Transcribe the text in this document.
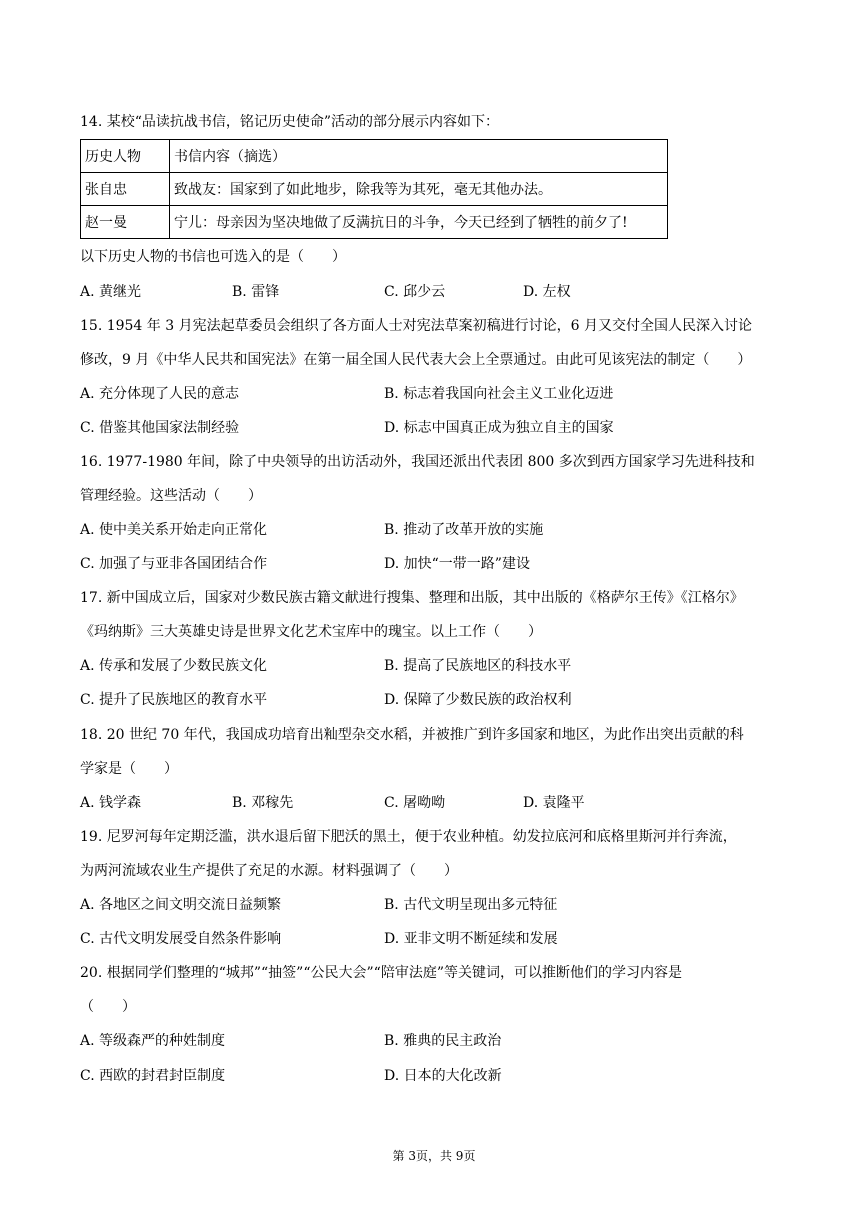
14. 某校“品读抗战书信，铭记历史使命”活动的部分展示内容如下：
历史人物	书信内容（摘选）
张自忠	致战友：国家到了如此地步，除我等为其死，毫无其他办法。
赵一曼	宁儿：母亲因为坚决地做了反满抗日的斗争，今天已经到了牺牲的前夕了!
以下历史人物的书信也可选入的是（　　）
A. 黄继光	B. 雷锋	C. 邱少云	D. 左权
15. 1954 年 3 月宪法起草委员会组织了各方面人士对宪法草案初稿进行讨论，6 月又交付全国人民深入讨论
修改，9 月《中华人民共和国宪法》在第一届全国人民代表大会上全票通过。由此可见该宪法的制定（　　）
A. 充分体现了人民的意志	B. 标志着我国向社会主义工业化迈进
C. 借鉴其他国家法制经验	D. 标志中国真正成为独立自主的国家
16. 1977-1980 年间，除了中央领导的出访活动外，我国还派出代表团 800 多次到西方国家学习先进科技和
管理经验。这些活动（　　）
A. 使中美关系开始走向正常化	B. 推动了改革开放的实施
C. 加强了与亚非各国团结合作	D. 加快“一带一路”建设
17. 新中国成立后，国家对少数民族古籍文献进行搜集、整理和出版，其中出版的《格萨尔王传》《江格尔》
《玛纳斯》三大英雄史诗是世界文化艺术宝库中的瑰宝。以上工作（　　）
A. 传承和发展了少数民族文化	B. 提高了民族地区的科技水平
C. 提升了民族地区的教育水平	D. 保障了少数民族的政治权利
18. 20 世纪 70 年代，我国成功培育出籼型杂交水稻，并被推广到许多国家和地区，为此作出突出贡献的科
学家是（　　）
A. 钱学森	B. 邓稼先	C. 屠呦呦	D. 袁隆平
19. 尼罗河每年定期泛滥，洪水退后留下肥沃的黑土，便于农业种植。幼发拉底河和底格里斯河并行奔流，
为两河流域农业生产提供了充足的水源。材料强调了（　　）
A. 各地区之间文明交流日益频繁	B. 古代文明呈现出多元特征
C. 古代文明发展受自然条件影响	D. 亚非文明不断延续和发展
20. 根据同学们整理的“城邦”“抽签”“公民大会”“陪审法庭”等关键词，可以推断他们的学习内容是
（　　）
A. 等级森严的种姓制度	B. 雅典的民主政治
C. 西欧的封君封臣制度	D. 日本的大化改新
第 3页，共 9页
